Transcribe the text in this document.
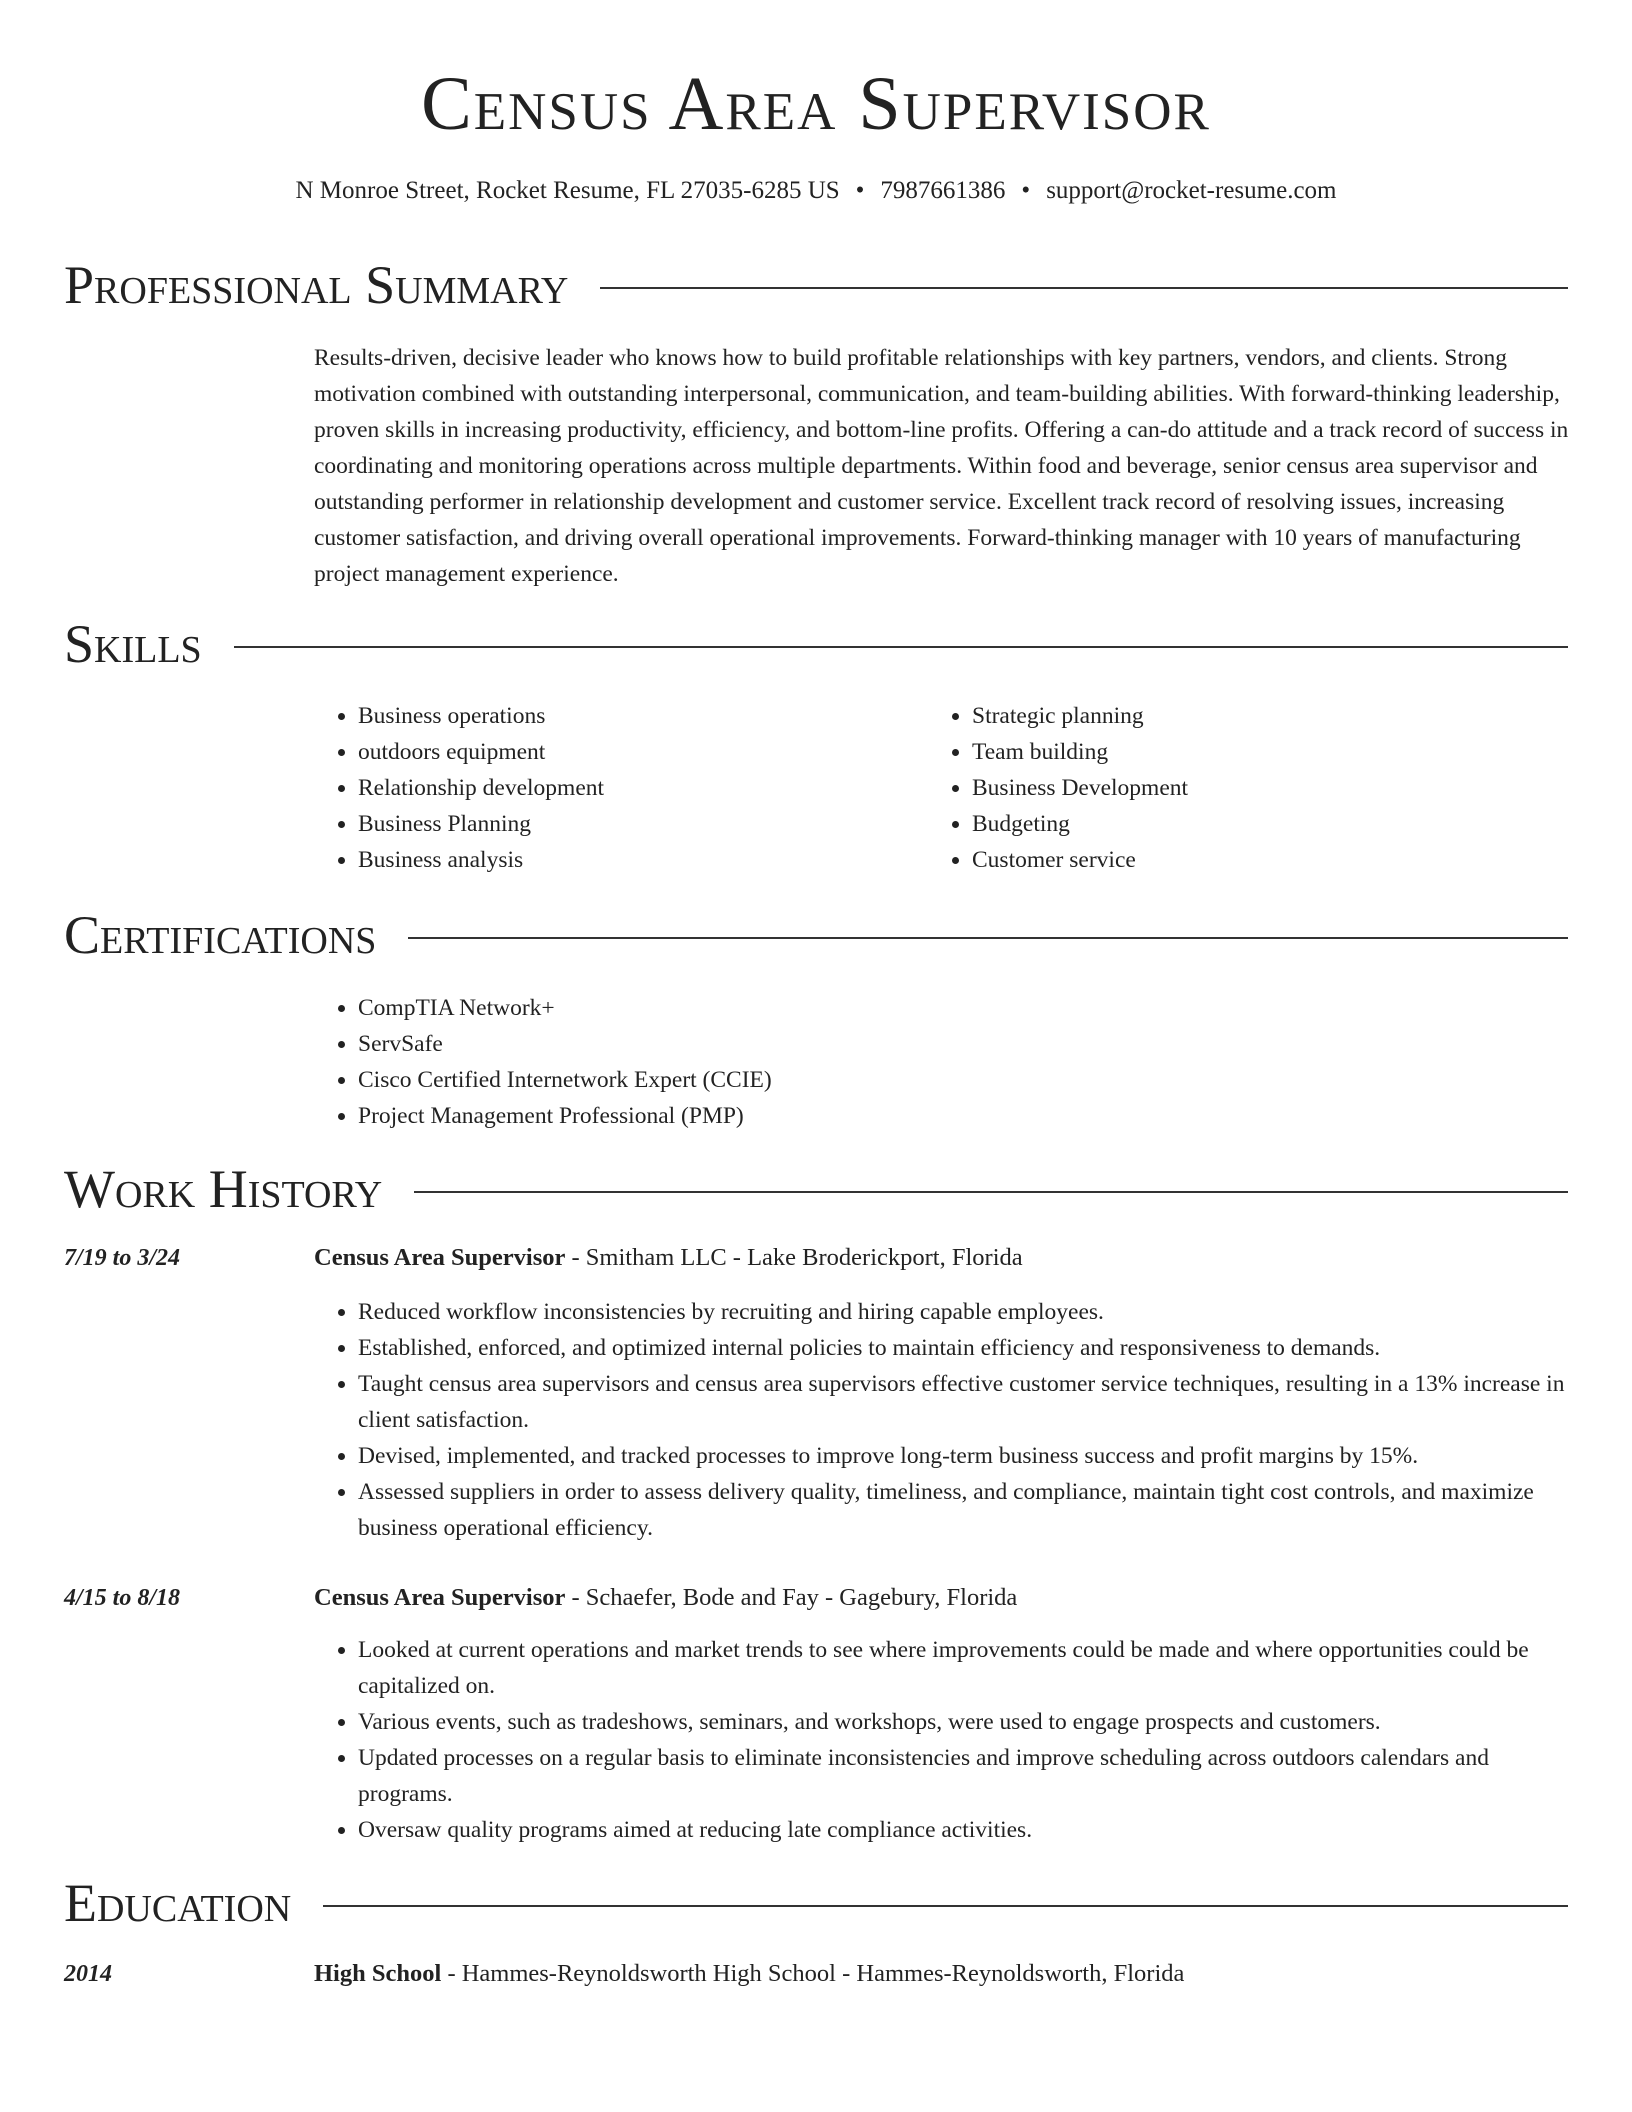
Census Area Supervisor
N Monroe Street, Rocket Resume, FL 27035-6285 US • 7987661386 • support@rocket-resume.com
Professional Summary

Results-driven, decisive leader who knows how to build profitable relationships with key partners, vendors, and clients. Strong motivation combined with outstanding interpersonal, communication, and team-building abilities. With forward-thinking leadership, proven skills in increasing productivity, efficiency, and bottom-line profits. Offering a can-do attitude and a track record of success in coordinating and monitoring operations across multiple departments. Within food and beverage, senior census area supervisor and outstanding performer in relationship development and customer service. Excellent track record of resolving issues, increasing customer satisfaction, and driving overall operational improvements. Forward-thinking manager with 10 years of manufacturing project management experience.

Skills
• Business operations
• outdoors equipment
• Relationship development
• Business Planning
• Business analysis
• Strategic planning
• Team building
• Business Development
• Budgeting
• Customer service
Certifications
• CompTIA Network+
• ServSafe
• Cisco Certified Internetwork Expert (CCIE)
• Project Management Professional (PMP)
Work History
7/19 to 3/24	Census Area Supervisor - Smitham LLC - Lake Broderickport, Florida
• Reduced workflow inconsistencies by recruiting and hiring capable employees.
• Established, enforced, and optimized internal policies to maintain efficiency and responsiveness to demands.
• Taught census area supervisors and census area supervisors effective customer service techniques, resulting in a 13% increase in client satisfaction.
• Devised, implemented, and tracked processes to improve long-term business success and profit margins by 15%.
• Assessed suppliers in order to assess delivery quality, timeliness, and compliance, maintain tight cost controls, and maximize business operational efficiency.
4/15 to 8/18	Census Area Supervisor - Schaefer, Bode and Fay - Gagebury, Florida
• Looked at current operations and market trends to see where improvements could be made and where opportunities could be capitalized on.
• Various events, such as tradeshows, seminars, and workshops, were used to engage prospects and customers.
• Updated processes on a regular basis to eliminate inconsistencies and improve scheduling across outdoors calendars and programs.
• Oversaw quality programs aimed at reducing late compliance activities.
Education
2014	High School - Hammes-Reynoldsworth High School - Hammes-Reynoldsworth, Florida
